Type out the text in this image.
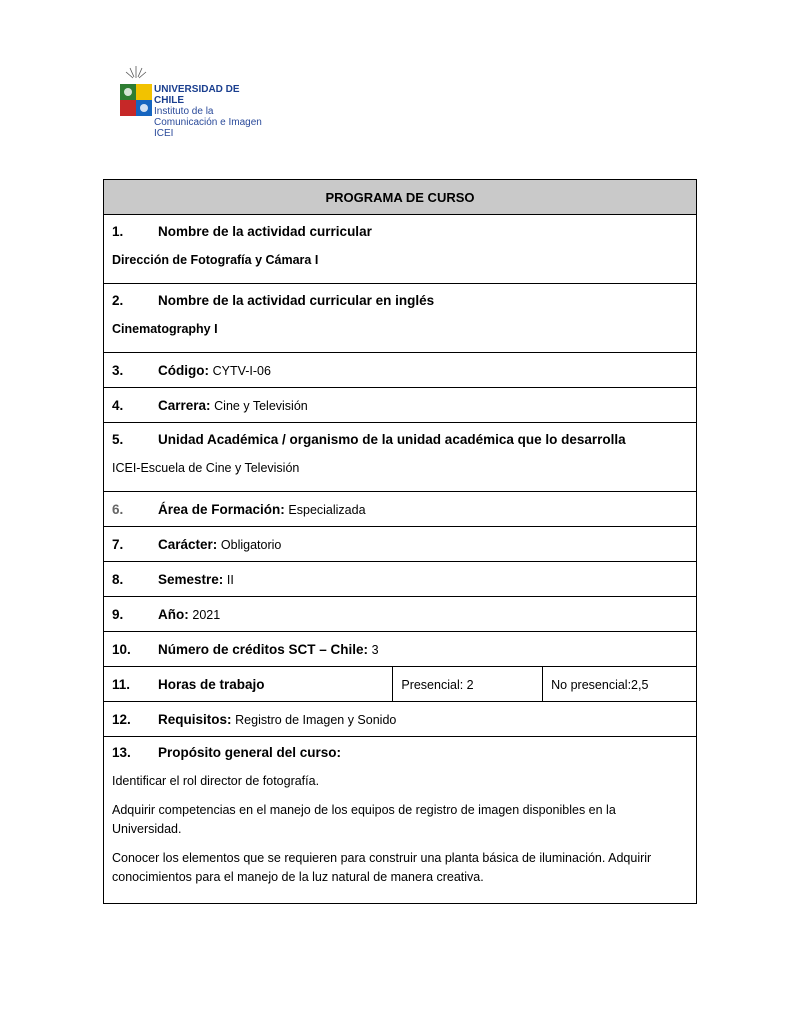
UNIVERSIDAD DE CHILE
Instituto de la
Comunicación e Imagen
ICEI
PROGRAMA DE CURSO

1.	Nombre de la actividad curricular
Dirección de Fotografía y Cámara I

2.	Nombre de la actividad curricular en inglés
Cinematography I

3.	Código: CYTV-I-06
4.	Carrera: Cine y Televisión

5.	Unidad Académica / organismo de la unidad académica que lo desarrolla
ICEI-Escuela de Cine y Televisión

6.	Área de Formación: Especializada
7.	Carácter: Obligatorio
8.	Semestre: II
9.	Año: 2021
10. Número de créditos SCT – Chile: 3
11. Horas de trabajo	Presencial: 2	No presencial:2,5
12. Requisitos: Registro de Imagen y Sonido

13. Propósito general del curso:

Identificar el rol director de fotografía.

Adquirir competencias en el manejo de los equipos de registro de imagen disponibles en la Universidad.

Conocer los elementos que se requieren para construir una planta básica de iluminación. Adquirir conocimientos para el manejo de la luz natural de manera creativa.
